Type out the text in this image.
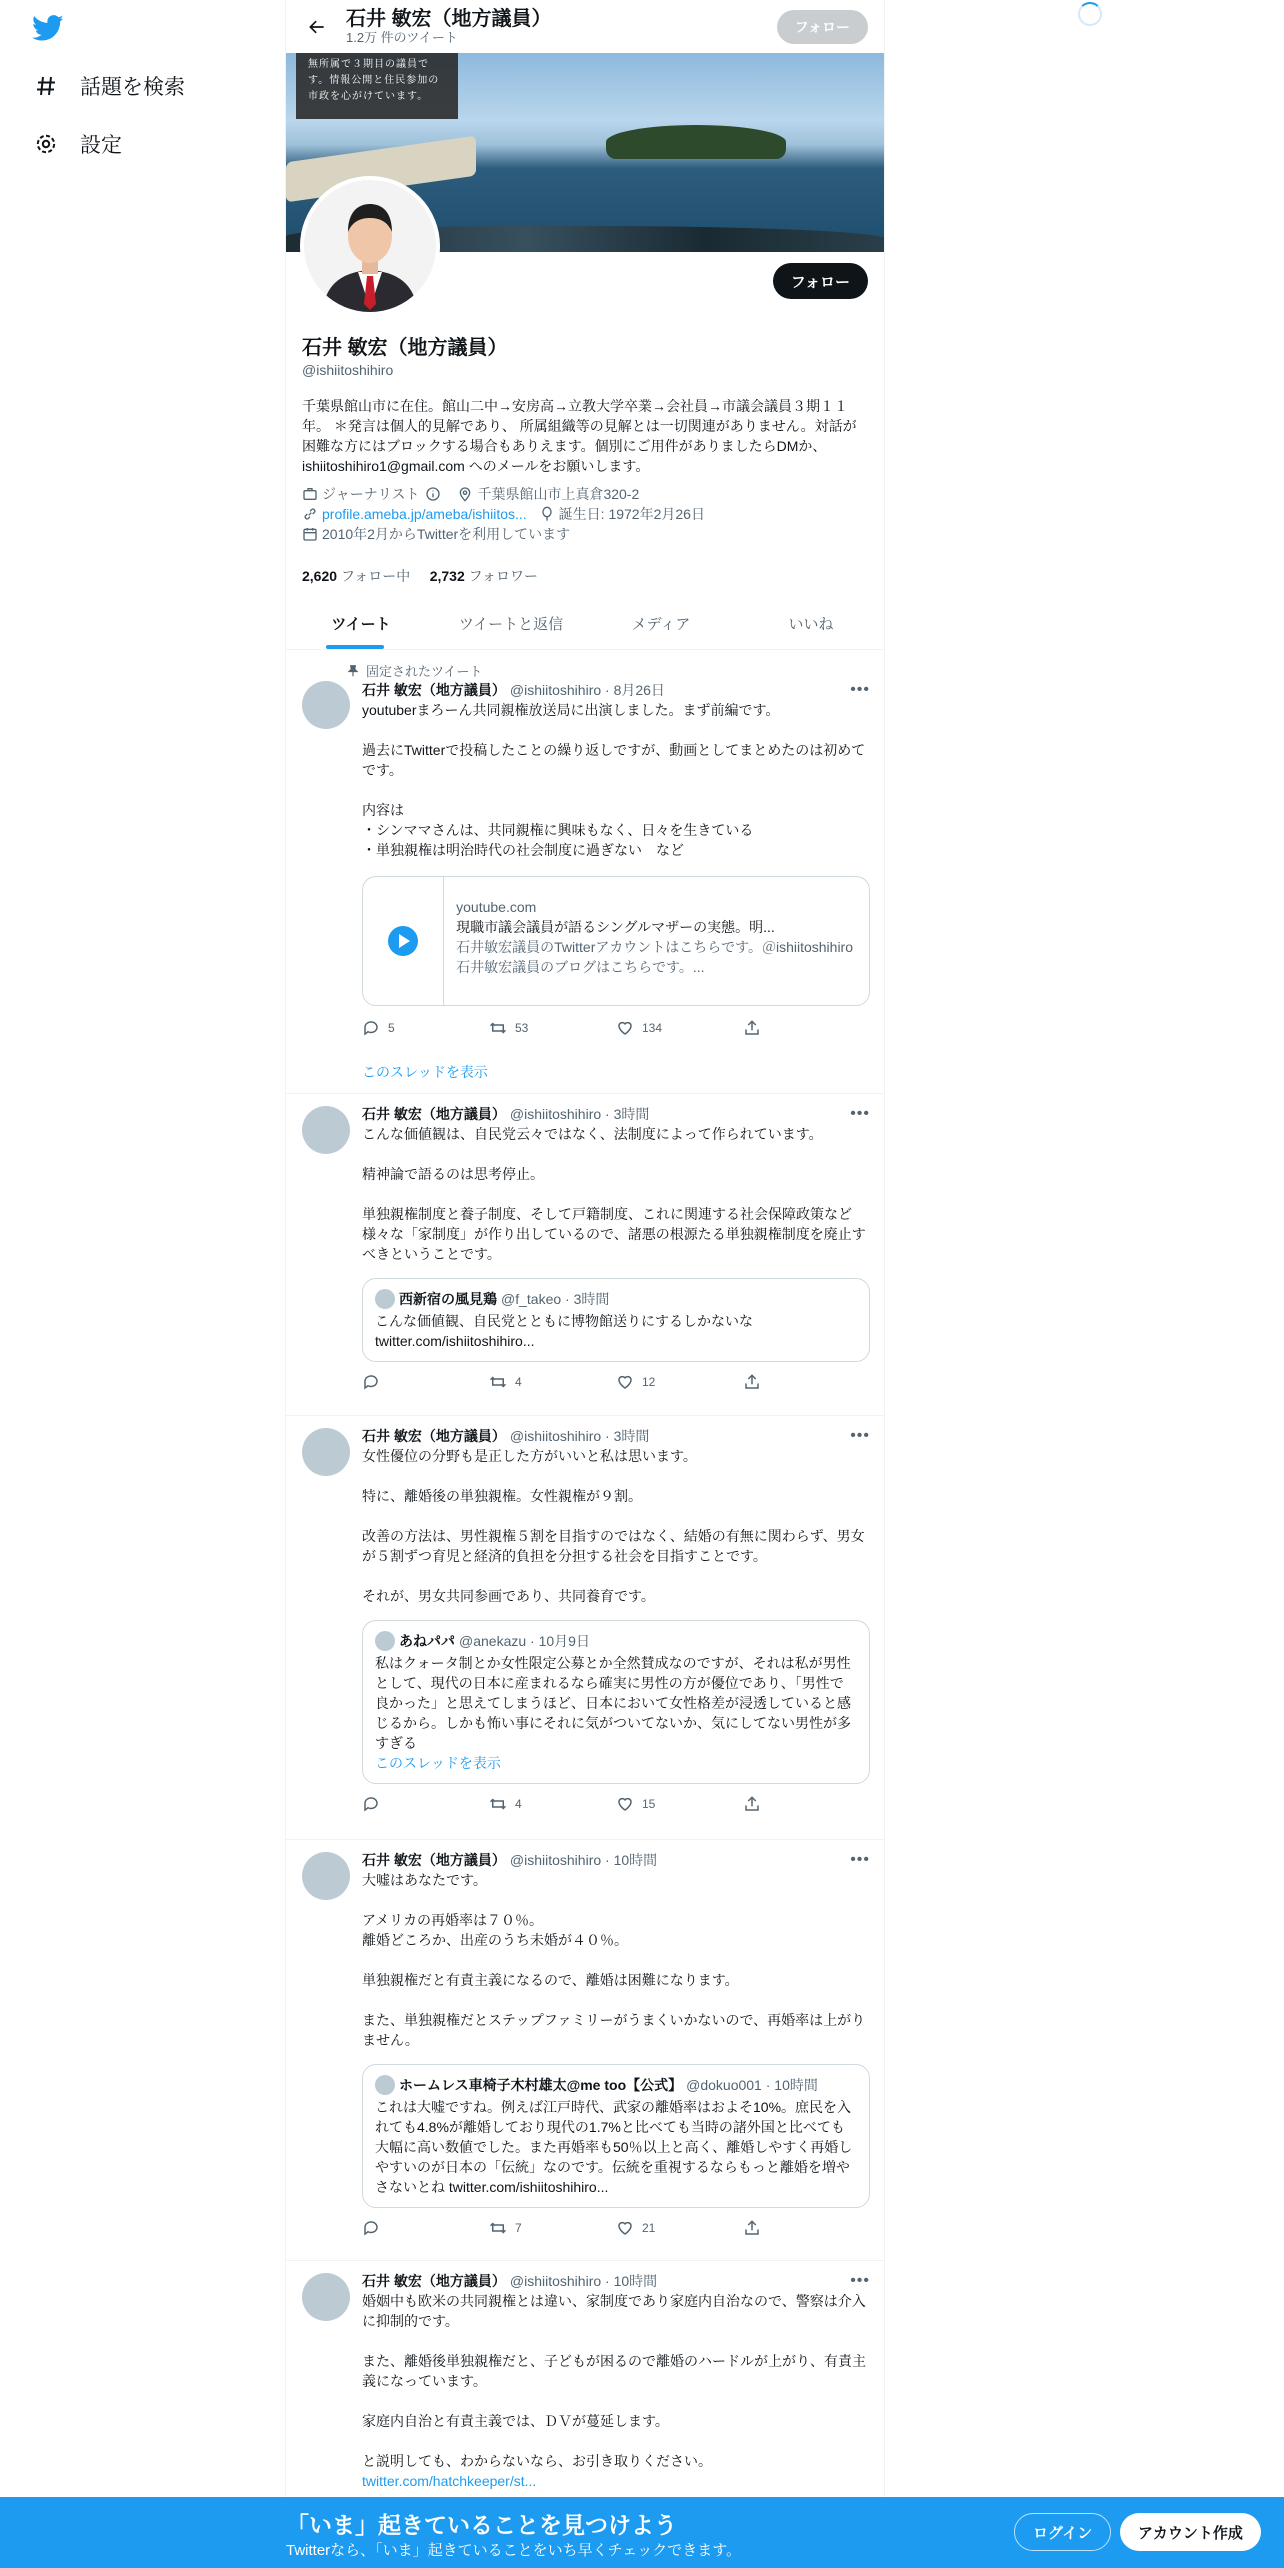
話題を検索
設定
石井 敏宏（地方議員）
1.2万 件のツイート
フォロー
無所属で３期目の議員です。情報公開と住民参加の市政を心がけています。
フォロー
石井 敏宏（地方議員）
@ishiitoshihiro
千葉県館山市に在住。館山二中→安房高→立教大学卒業→会社員→市議会議員３期１１年。 ＊発言は個人的見解であり、 所属組織等の見解とは一切関連がありません。対話が困難な方にはブロックする場合もありえます。個別にご用件がありましたらDMか、 ishiitoshihiro1@gmail.com へのメールをお願いします。
ジャーナリスト	千葉県館山市上真倉320-2
profile.ameba.jp/ameba/ishiitos... 誕生日: 1972年2月26日
2010年2月からTwitterを利用しています
2,620 フォロー中 2,732 フォロワー
ツイート	ツイートと返信	メディア	いいね
固定されたツイート
石井 敏宏（地方議員） @ishiitoshihiro · 8月26日	•••
youtuberまろーん共同親権放送局に出演しました。まず前編です。

過去にTwitterで投稿したことの繰り返しですが、動画としてまとめたのは初めてです。

内容は
・シンママさんは、共同親権に興味もなく、日々を生きている
・単独親権は明治時代の社会制度に過ぎない　など
youtube.com
現職市議会議員が語るシングルマザーの実態。明...
石井敏宏議員のTwitterアカウントはこちらです。＠ishiitoshihiro石井敏宏議員のブログはこちらです。...
5	53	134
このスレッドを表示
石井 敏宏（地方議員） @ishiitoshihiro · 3時間	•••
こんな価値観は、自民党云々ではなく、法制度によって作られています。

精神論で語るのは思考停止。

単独親権制度と養子制度、そして戸籍制度、これに関連する社会保障政策など様々な「家制度」が作り出しているので、諸悪の根源たる単独親権制度を廃止すべきということです。
西新宿の風見鶏 @f_takeo · 3時間
こんな価値観、自民党とともに博物館送りにするしかないな
twitter.com/ishiitoshihiro...
4	12
石井 敏宏（地方議員） @ishiitoshihiro · 3時間	•••
女性優位の分野も是正した方がいいと私は思います。

特に、離婚後の単独親権。女性親権が９割。

改善の方法は、男性親権５割を目指すのではなく、結婚の有無に関わらず、男女が５割ずつ育児と経済的負担を分担する社会を目指すことです。

それが、男女共同参画であり、共同養育です。
あねパパ @anekazu · 10月9日
私はクォータ制とか女性限定公募とか全然賛成なのですが、それは私が男性として、現代の日本に産まれるなら確実に男性の方が優位であり、「男性で良かった」と思えてしまうほど、日本において女性格差が浸透していると感じるから。しかも怖い事にそれに気がついてないか、気にしてない男性が多すぎる
このスレッドを表示
4	15
石井 敏宏（地方議員） @ishiitoshihiro · 10時間	•••
大嘘はあなたです。

アメリカの再婚率は７０％。
離婚どころか、出産のうち未婚が４０％。

単独親権だと有責主義になるので、離婚は困難になります。

また、単独親権だとステップファミリーがうまくいかないので、再婚率は上がりません。
ホームレス車椅子木村雄太@me too【公式】 @dokuo001 · 10時間
これは大嘘ですね。例えば江戸時代、武家の離婚率はおよそ10%。庶民を入れても4.8%が離婚しており現代の1.7%と比べても当時の諸外国と比べても大幅に高い数値でした。また再婚率も50％以上と高く、離婚しやすく再婚しやすいのが日本の「伝統」なのです。伝統を重視するならもっと離婚を増やさないとね twitter.com/ishiitoshihiro...
7	21
石井 敏宏（地方議員） @ishiitoshihiro · 10時間	•••
婚姻中も欧米の共同親権とは違い、家制度であり家庭内自治なので、警察は介入に抑制的です。

また、離婚後単独親権だと、子どもが困るので離婚のハードルが上がり、有責主義になっています。

家庭内自治と有責主義では、ＤＶが蔓延します。

と説明しても、わからないなら、お引き取りください。
twitter.com/hatchkeeper/st...
「いま」起きていることを見つけよう
Twitterなら、「いま」起きていることをいち早くチェックできます。
ログイン	アカウント作成
